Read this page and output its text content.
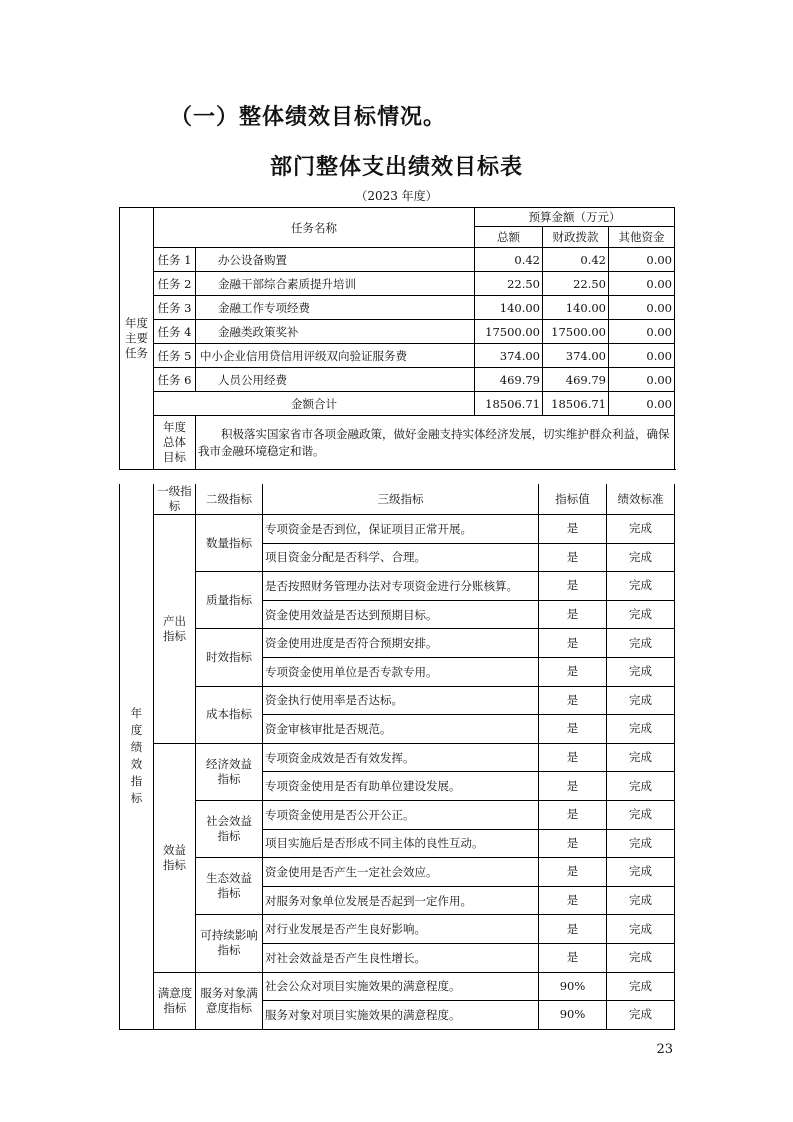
（一）整体绩效目标情况。
部门整体支出绩效目标表
（2023 年度）
年度主要任务	任务名称		预算金额（万元）		
			总额	财政拨款	其他资金
	任务 1	办公设备购置	0.42	0.42	0.00
	任务 2	金融干部综合素质提升培训	22.50	22.50	0.00
	任务 3	金融工作专项经费	140.00	140.00	0.00
	任务 4	金融类政策奖补	17500.00	17500.00	0.00
	任务 5	中小企业信用贷信用评级双向验证服务费	374.00	374.00	0.00
	任务 6	人员公用经费	469.79	469.79	0.00
	金额合计		18506.71	18506.71	0.00
	年度总体目标	积极落实国家省市各项金融政策，做好金融支持实体经济发展，切实维护群众利益，确保我市金融环境稳定和谐。			
年度绩效指标	一级指标	二级指标	三级指标	指标值	绩效标准
	产出指标	数量指标	专项资金是否到位，保证项目正常开展。	是	完成
			项目资金分配是否科学、合理。	是	完成
		质量指标	是否按照财务管理办法对专项资金进行分账核算。	是	完成
			资金使用效益是否达到预期目标。	是	完成
		时效指标	资金使用进度是否符合预期安排。	是	完成
			专项资金使用单位是否专款专用。	是	完成
		成本指标	资金执行使用率是否达标。	是	完成
			资金审核审批是否规范。	是	完成
	效益指标	经济效益指标	专项资金成效是否有效发挥。	是	完成
			专项资金使用是否有助单位建设发展。	是	完成
		社会效益指标	专项资金使用是否公开公正。	是	完成
			项目实施后是否形成不同主体的良性互动。	是	完成
		生态效益指标	资金使用是否产生一定社会效应。	是	完成
			对服务对象单位发展是否起到一定作用。	是	完成
		可持续影响指标	对行业发展是否产生良好影响。	是	完成
			对社会效益是否产生良性增长。	是	完成
	满意度指标	服务对象满意度指标	社会公众对项目实施效果的满意程度。	90%	完成
			服务对象对项目实施效果的满意程度。	90%	完成
23
